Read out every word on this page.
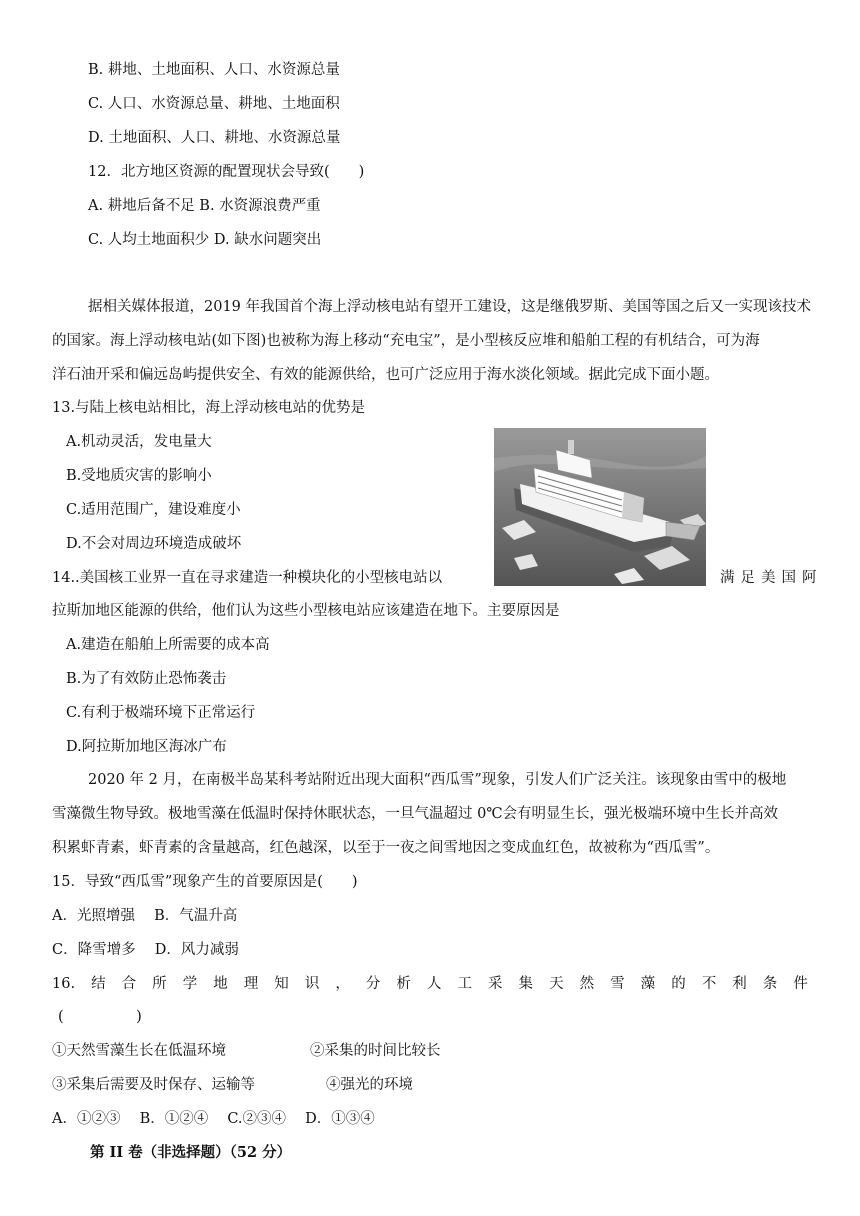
B. 耕地、土地面积、人口、水资源总量
C. 人口、水资源总量、耕地、土地面积
D. 土地面积、人口、耕地、水资源总量
12．北方地区资源的配置现状会导致(　　)
A. 耕地后备不足 B. 水资源浪费严重
C. 人均土地面积少 D. 缺水问题突出
据相关媒体报道，2019 年我国首个海上浮动核电站有望开工建设，这是继俄罗斯、美国等国之后又一实现该技术
的国家。海上浮动核电站(如下图)也被称为海上移动“充电宝”，是小型核反应堆和船舶工程的有机结合，可为海
洋石油开采和偏远岛屿提供安全、有效的能源供给，也可广泛应用于海水淡化领域。据此完成下面小题。
13.与陆上核电站相比，海上浮动核电站的优势是
A.机动灵活，发电量大
B.受地质灾害的影响小
C.适用范围广，建设难度小
D.不会对周边环境造成破坏
14..美国核工业界一直在寻求建造一种模块化的小型核电站以	满足美国阿
拉斯加地区能源的供给，他们认为这些小型核电站应该建造在地下。主要原因是
A.建造在船舶上所需要的成本高
B.为了有效防止恐怖袭击
C.有利于极端环境下正常运行
D.阿拉斯加地区海冰广布
2020 年 2 月，在南极半岛某科考站附近出现大面积“西瓜雪”现象，引发人们广泛关注。该现象由雪中的极地
雪藻微生物导致。极地雪藻在低温时保持休眠状态，一旦气温超过 0℃会有明显生长，强光极端环境中生长并高效
积累虾青素，虾青素的含量越高，红色越深，以至于一夜之间雪地因之变成血红色，故被称为“西瓜雪”。
15．导致“西瓜雪”现象产生的首要原因是(　　)
A．光照增强　 B．气温升高
C．降雪增多　 D．风力减弱
16. 结 合 所 学 地 理 知 识 ， 分 析 人 工 采 集 天 然 雪 藻 的 不 利 条 件
(　　　　　)
①天然雪藻生长在低温环境	②采集的时间比较长
③采集后需要及时保存、运输等	④强光的环境
A．①②③　 B．①②④　 C.②③④　 D．①③④
第 II 卷（非选择题）（52 分）
